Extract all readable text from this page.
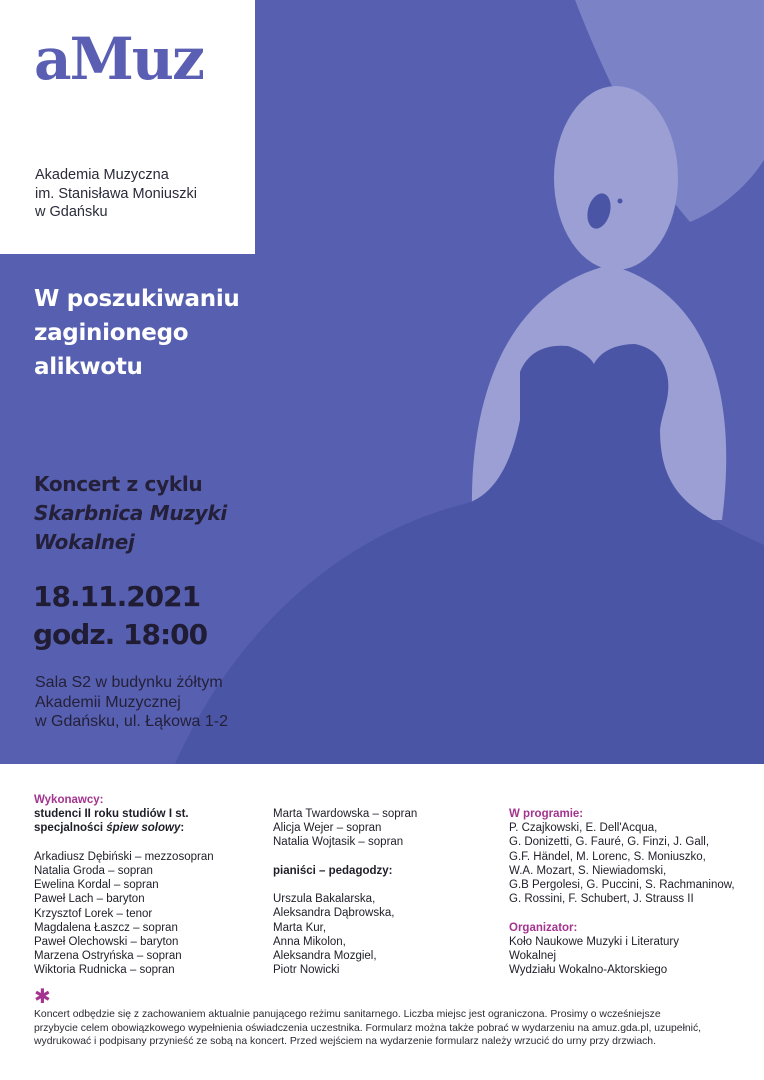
aMuz
Akademia Muzyczna
im. Stanisława Moniuszki
w Gdańsku
W poszukiwaniu
zaginionego
alikwotu
Koncert z cyklu
Skarbnica Muzyki
Wokalnej
18.11.2021
godz. 18:00
Sala S2 w budynku żółtym
Akademii Muzycznej
w Gdańsku, ul. Łąkowa 1-2
Wykonawcy:
studenci II roku studiów I st.
specjalności śpiew solowy:
Arkadiusz Dębiński – mezzosopran
Natalia Groda – sopran
Ewelina Kordal – sopran
Paweł Lach – baryton
Krzysztof Lorek – tenor
Magdalena Łaszcz – sopran
Paweł Olechowski – baryton
Marzena Ostryńska – sopran
Wiktoria Rudnicka – sopran
Marta Twardowska – sopran
Alicja Wejer – sopran
Natalia Wojtasik – sopran
pianiści – pedagodzy:
Urszula Bakalarska,
Aleksandra Dąbrowska,
Marta Kur,
Anna Mikolon,
Aleksandra Mozgiel,
Piotr Nowicki
W programie:
P. Czajkowski, E. Dell'Acqua,
G. Donizetti, G. Fauré, G. Finzi, J. Gall,
G.F. Händel, M. Lorenc, S. Moniuszko,
W.A. Mozart, S. Niewiadomski,
G.B Pergolesi, G. Puccini, S. Rachmaninow,
G. Rossini, F. Schubert, J. Strauss II
Organizator:
Koło Naukowe Muzyki i Literatury
Wokalnej
Wydziału Wokalno-Aktorskiego
✱
Koncert odbędzie się z zachowaniem aktualnie panującego reżimu sanitarnego. Liczba miejsc jest ograniczona. Prosimy o wcześniejsze
przybycie celem obowiązkowego wypełnienia oświadczenia uczestnika. Formularz można także pobrać w wydarzeniu na amuz.gda.pl, uzupełnić,
wydrukować i podpisany przynieść ze sobą na koncert. Przed wejściem na wydarzenie formularz należy wrzucić do urny przy drzwiach.
